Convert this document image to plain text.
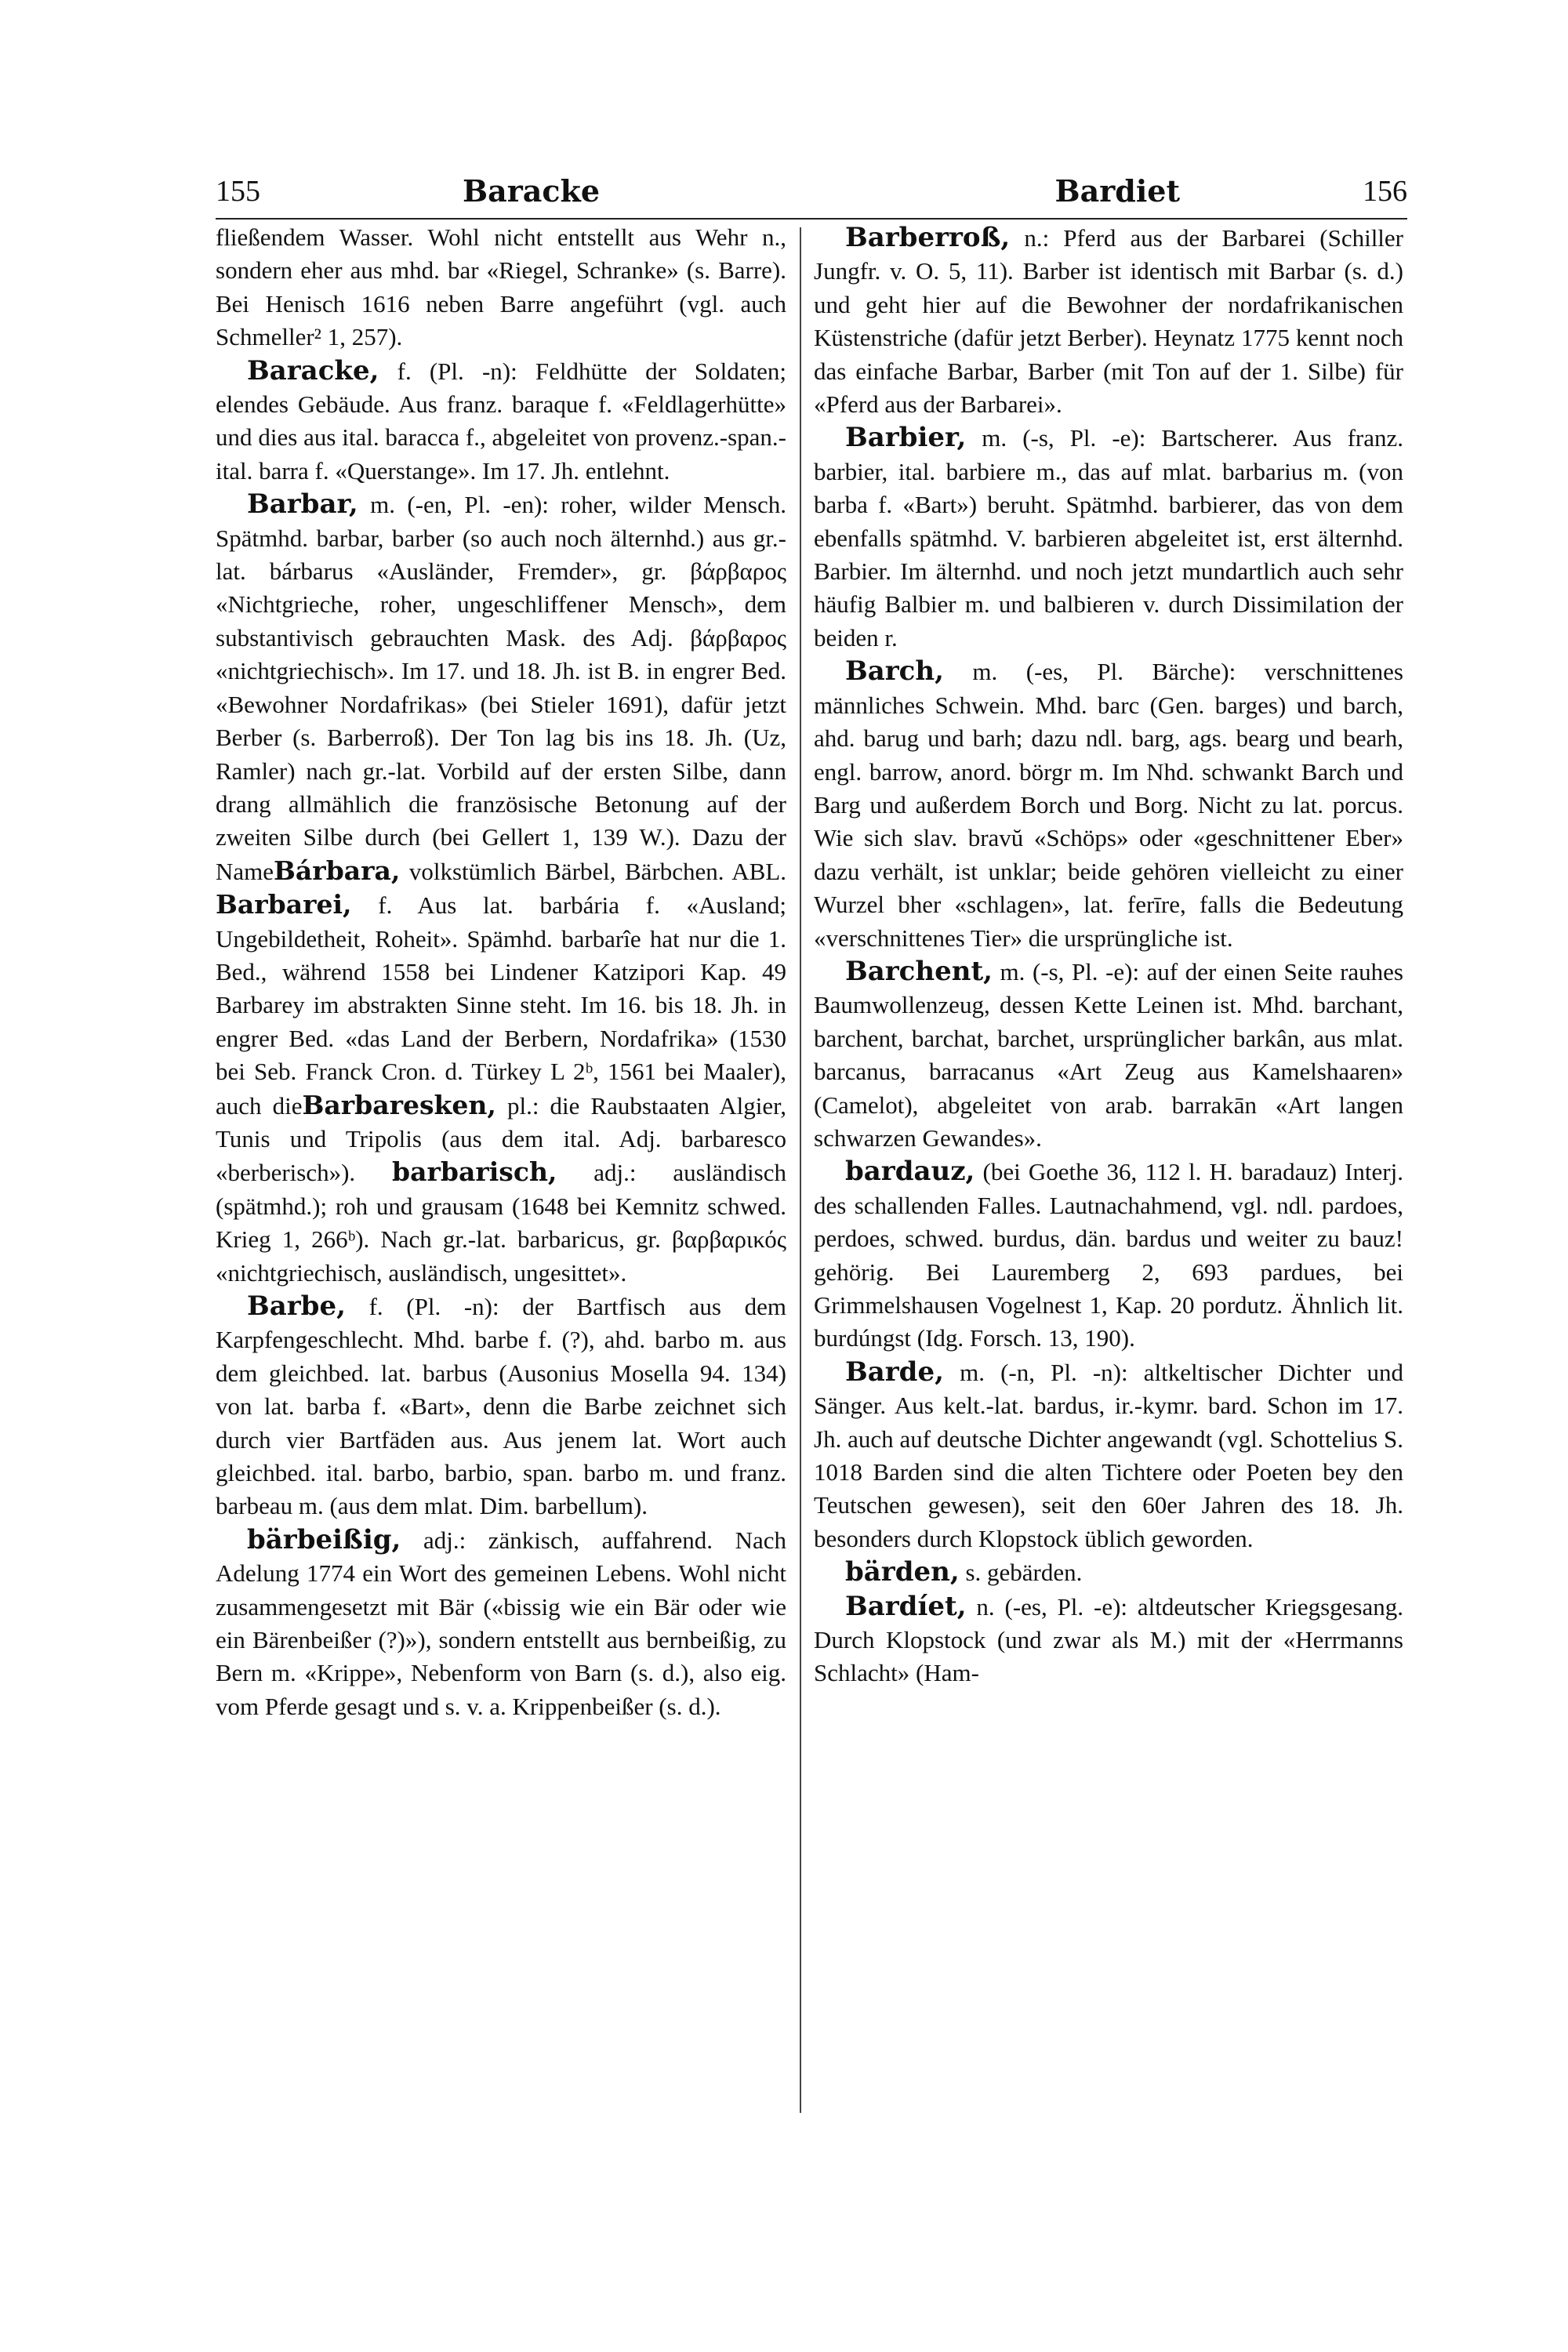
155	Baracke	Bardiet	156

fließendem Wasser. Wohl nicht entstellt aus Wehr n., sondern eher aus mhd. bar «Riegel, Schranke» (s. Barre). Bei Henisch 1616 neben Barre angeführt (vgl. auch Schmeller² 1, 257).

Baracke, f. (Pl. -n): Feldhütte der Soldaten; elendes Gebäude. Aus franz. baraque f. «Feldlagerhütte» und dies aus ital. baracca f., abgeleitet von provenz.-span.-ital. barra f. «Querstange». Im 17. Jh. entlehnt.

Barbar, m. (-en, Pl. -en): roher, wilder Mensch. Spätmhd. barbar, barber (so auch noch älternhd.) aus gr.-lat. bárbarus «Ausländer, Fremder», gr. βάρβαρος «Nichtgrieche, roher, ungeschliffener Mensch», dem substantivisch gebrauchten Mask. des Adj. βάρβαρος «nichtgriechisch». Im 17. und 18. Jh. ist B. in engrer Bed. «Bewohner Nordafrikas» (bei Stieler 1691), dafür jetzt Berber (s. Barberroß). Der Ton lag bis ins 18. Jh. (Uz, Ramler) nach gr.-lat. Vorbild auf der ersten Silbe, dann drang allmählich die französische Betonung auf der zweiten Silbe durch (bei Gellert 1, 139 W.). Dazu der NameBárbara, volkstümlich Bärbel, Bärbchen. ABL. Barbarei, f. Aus lat. barbária f. «Ausland; Ungebildetheit, Roheit». Spämhd. barbarîe hat nur die 1. Bed., während 1558 bei Lindener Katzipori Kap. 49 Barbarey im abstrakten Sinne steht. Im 16. bis 18. Jh. in engrer Bed. «das Land der Berbern, Nordafrika» (1530 bei Seb. Franck Cron. d. Türkey L 2ᵇ, 1561 bei Maaler), auch dieBarbaresken, pl.: die Raubstaaten Algier, Tunis und Tripolis (aus dem ital. Adj. barbaresco «berberisch»). barbarisch, adj.: ausländisch (spätmhd.); roh und grausam (1648 bei Kemnitz schwed. Krieg 1, 266ᵇ). Nach gr.-lat. barbaricus, gr. βαρβαρικός «nichtgriechisch, ausländisch, ungesittet».

Barbe, f. (Pl. -n): der Bartfisch aus dem Karpfengeschlecht. Mhd. barbe f. (?), ahd. barbo m. aus dem gleichbed. lat. barbus (Ausonius Mosella 94. 134) von lat. barba f. «Bart», denn die Barbe zeichnet sich durch vier Bartfäden aus. Aus jenem lat. Wort auch gleichbed. ital. barbo, barbio, span. barbo m. und franz. barbeau m. (aus dem mlat. Dim. barbellum).

bärbeißig, adj.: zänkisch, auffahrend. Nach Adelung 1774 ein Wort des gemeinen Lebens. Wohl nicht zusammengesetzt mit Bär («bissig wie ein Bär oder wie ein Bärenbeißer (?)»), sondern entstellt aus bernbeißig, zu Bern m. «Krippe», Nebenform von Barn (s. d.), also eig. vom Pferde gesagt und s. v. a. Krippenbeißer (s. d.).

Barberroß, n.: Pferd aus der Barbarei (Schiller Jungfr. v. O. 5, 11). Barber ist identisch mit Barbar (s. d.) und geht hier auf die Bewohner der nordafrikanischen Küstenstriche (dafür jetzt Berber). Heynatz 1775 kennt noch das einfache Barbar, Barber (mit Ton auf der 1. Silbe) für «Pferd aus der Barbarei».

Barbier, m. (-s, Pl. -e): Bartscherer. Aus franz. barbier, ital. barbiere m., das auf mlat. barbarius m. (von barba f. «Bart») beruht. Spätmhd. barbierer, das von dem ebenfalls spätmhd. V. barbieren abgeleitet ist, erst älternhd. Barbier. Im älternhd. und noch jetzt mundartlich auch sehr häufig Balbier m. und balbieren v. durch Dissimilation der beiden r.

Barch, m. (-es, Pl. Bärche): verschnittenes männliches Schwein. Mhd. barc (Gen. barges) und barch, ahd. barug und barh; dazu ndl. barg, ags. bearg und bearh, engl. barrow, anord. börgr m. Im Nhd. schwankt Barch und Barg und außerdem Borch und Borg. Nicht zu lat. porcus. Wie sich slav. bravŭ «Schöps» oder «geschnittener Eber» dazu verhält, ist unklar; beide gehören vielleicht zu einer Wurzel bher «schlagen», lat. ferīre, falls die Bedeutung «verschnittenes Tier» die ursprüngliche ist.

Barchent, m. (-s, Pl. -e): auf der einen Seite rauhes Baumwollenzeug, dessen Kette Leinen ist. Mhd. barchant, barchent, barchat, barchet, ursprünglicher barkân, aus mlat. barcanus, barracanus «Art Zeug aus Kamelshaaren» (Camelot), abgeleitet von arab. barrakān «Art langen schwarzen Gewandes».

bardauz, (bei Goethe 36, 112 l. H. baradauz) Interj. des schallenden Falles. Lautnachahmend, vgl. ndl. pardoes, perdoes, schwed. burdus, dän. bardus und weiter zu bauz! gehörig. Bei Lauremberg 2, 693 pardues, bei Grimmelshausen Vogelnest 1, Kap. 20 pordutz. Ähnlich lit. burdúngst (Idg. Forsch. 13, 190).

Barde, m. (-n, Pl. -n): altkeltischer Dichter und Sänger. Aus kelt.-lat. bardus, ir.-kymr. bard. Schon im 17. Jh. auch auf deutsche Dichter angewandt (vgl. Schottelius S. 1018 Barden sind die alten Tichtere oder Poeten bey den Teutschen gewesen), seit den 60er Jahren des 18. Jh. besonders durch Klopstock üblich geworden.

bärden, s. gebärden.

Bardíet, n. (-es, Pl. -e): altdeutscher Kriegsgesang. Durch Klopstock (und zwar als M.) mit der «Herrmanns Schlacht» (Ham-
